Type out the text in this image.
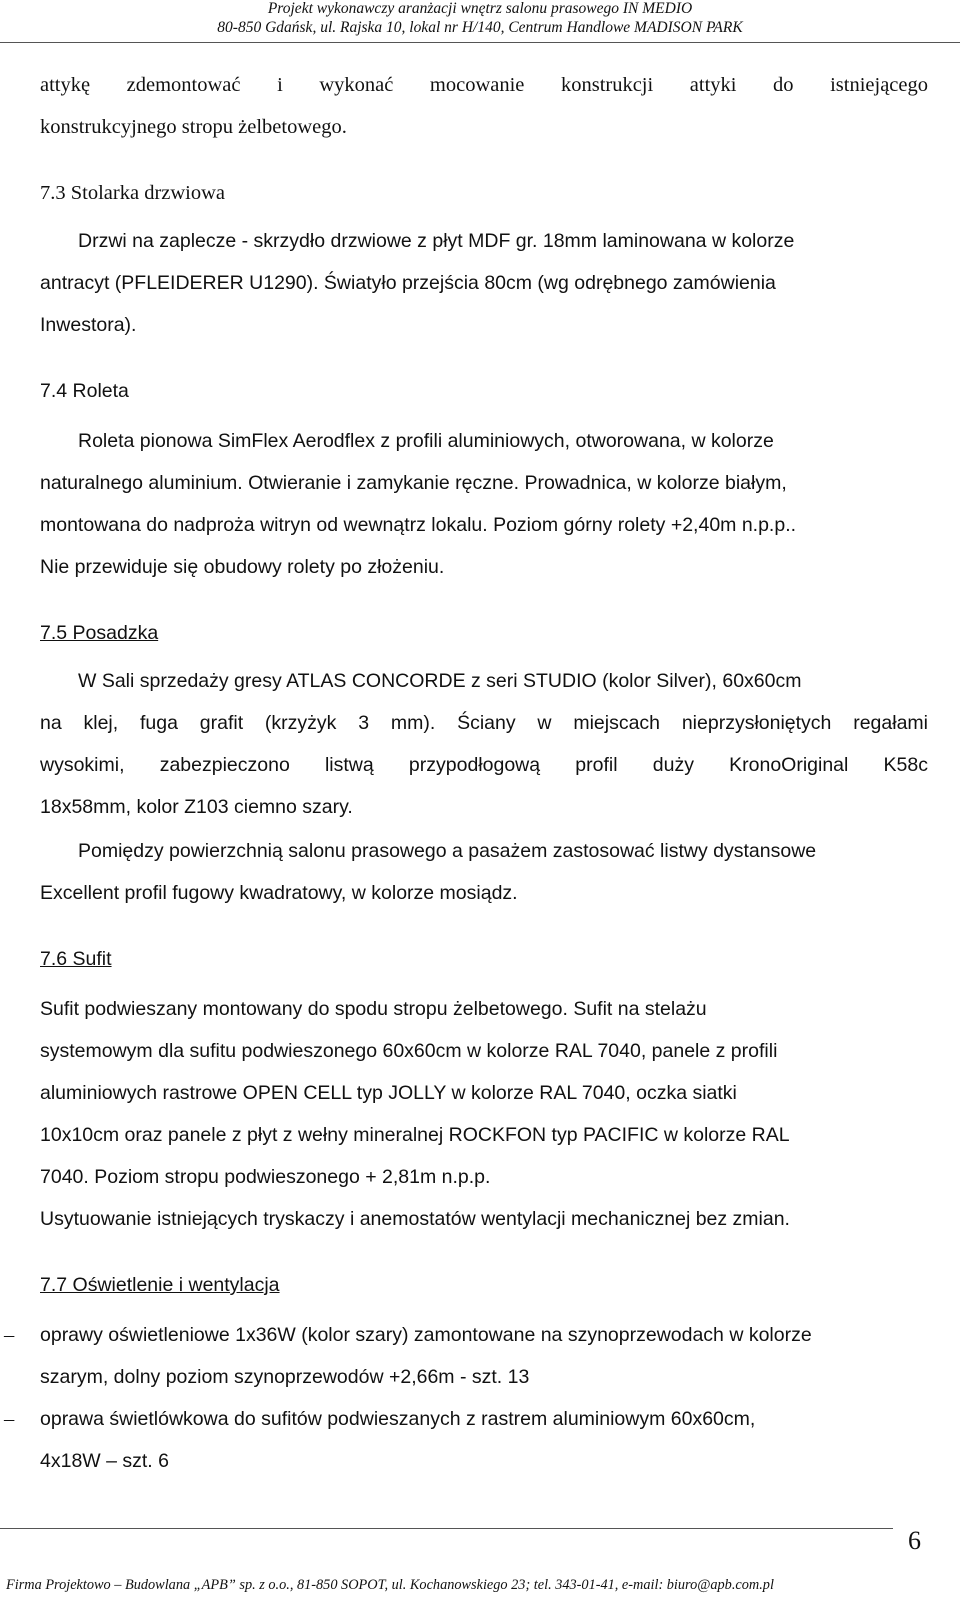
Projekt wykonawczy aranżacji wnętrz salonu prasowego IN MEDIO
80-850 Gdańsk, ul. Rajska 10, lokal nr H/140, Centrum Handlowe MADISON PARK
attykę zdemontować i wykonać mocowanie konstrukcji attyki do istniejącego
konstrukcyjnego stropu żelbetowego.
7.3 Stolarka drzwiowa
Drzwi na zaplecze - skrzydło drzwiowe z płyt MDF gr. 18mm laminowana w kolorze
antracyt (PFLEIDERER U1290). Światyło przejścia 80cm (wg odrębnego zamówienia
Inwestora).
7.4 Roleta
Roleta pionowa SimFlex Aerodflex z profili aluminiowych, otworowana, w kolorze
naturalnego aluminium. Otwieranie i zamykanie ręczne. Prowadnica, w kolorze białym,
montowana do nadproża witryn od wewnątrz lokalu. Poziom górny rolety +2,40m n.p.p..
Nie przewiduje się obudowy rolety po złożeniu.
7.5 Posadzka
W Sali sprzedaży gresy ATLAS CONCORDE z seri STUDIO (kolor Silver), 60x60cm
na klej, fuga grafit (krzyżyk 3 mm). Ściany w miejscach nieprzysłoniętych regałami
wysokimi, zabezpieczono listwą przypodłogową profil duży KronoOriginal K58c
18x58mm, kolor Z103 ciemno szary.
Pomiędzy powierzchnią salonu prasowego a pasażem zastosować listwy dystansowe
Excellent profil fugowy kwadratowy, w kolorze mosiądz.
7.6 Sufit
Sufit podwieszany montowany do spodu stropu żelbetowego. Sufit na stelażu
systemowym dla sufitu podwieszonego 60x60cm w kolorze RAL 7040, panele z profili
aluminiowych rastrowe OPEN CELL typ JOLLY w kolorze RAL 7040, oczka siatki
10x10cm oraz panele z płyt z wełny mineralnej ROCKFON typ PACIFIC w kolorze RAL
7040. Poziom stropu podwieszonego + 2,81m n.p.p.
Usytuowanie istniejących tryskaczy i anemostatów wentylacji mechanicznej bez zmian.
7.7 Oświetlenie i wentylacja
oprawy oświetleniowe 1x36W (kolor szary) zamontowane na szynoprzewodach w kolorze
szarym, dolny poziom szynoprzewodów +2,66m - szt. 13
oprawa świetlówkowa do sufitów podwieszanych z rastrem aluminiowym 60x60cm,
4x18W – szt. 6
–
–
6
Firma Projektowo – Budowlana „APB” sp. z o.o., 81-850 SOPOT, ul. Kochanowskiego 23; tel. 343-01-41, e-mail: biuro@apb.com.pl
